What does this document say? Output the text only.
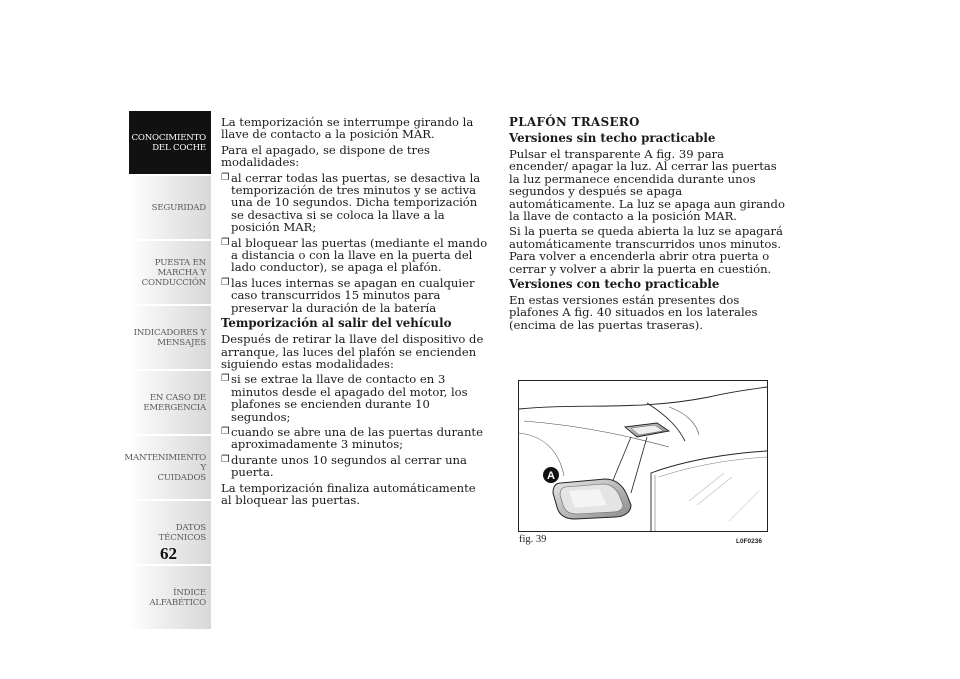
CONOCIMIENTO
DEL COCHE
SEGURIDAD
PUESTA EN
MARCHA Y
CONDUCCIÓN
INDICADORES Y
MENSAJES
EN CASO DE
EMERGENCIA
MANTENIMIENTO Y
CUIDADOS
DATOS TÉCNICOS
ÍNDICE
ALFABÉTICO
62

La temporización se interrumpe girando la llave de contacto a la posición MAR.

Para el apagado, se dispone de tres modalidades:

❐ al cerrar todas las puertas, se desactiva la temporización de tres minutos y se activa una de 10 segundos. Dicha temporización se desactiva si se coloca la llave a la posición MAR;
❐ al bloquear las puertas (mediante el mando a distancia o con la llave en la puerta del lado conductor), se apaga el plafón.
❐ las luces internas se apagan en cualquier caso transcurridos 15 minutos para preservar la duración de la batería
Temporización al salir del vehículo

Después de retirar la llave del dispositivo de arranque, las luces del plafón se encienden siguiendo estas modalidades:

❐ si se extrae la llave de contacto en 3 minutos desde el apagado del motor, los plafones se encienden durante 10 segundos;
❐ cuando se abre una de las puertas durante aproximadamente 3 minutos;
❐ durante unos 10 segundos al cerrar una puerta.

La temporización finaliza automáticamente al bloquear las puertas.

PLAFÓN TRASERO
Versiones sin techo practicable

Pulsar el transparente A fig. 39 para encender/ apagar la luz. Al cerrar las puertas la luz permanece encendida durante unos segundos y después se apaga automáticamente. La luz se apaga aun girando la llave de contacto a la posición MAR.

Si la puerta se queda abierta la luz se apagará automáticamente transcurridos unos minutos. Para volver a encenderla abrir otra puerta o cerrar y volver a abrir la puerta en cuestión.

Versiones con techo practicable

En estas versiones están presentes dos plafones A fig. 40 situados en los laterales (encima de las puertas traseras).

A
fig. 39	L0F0236
